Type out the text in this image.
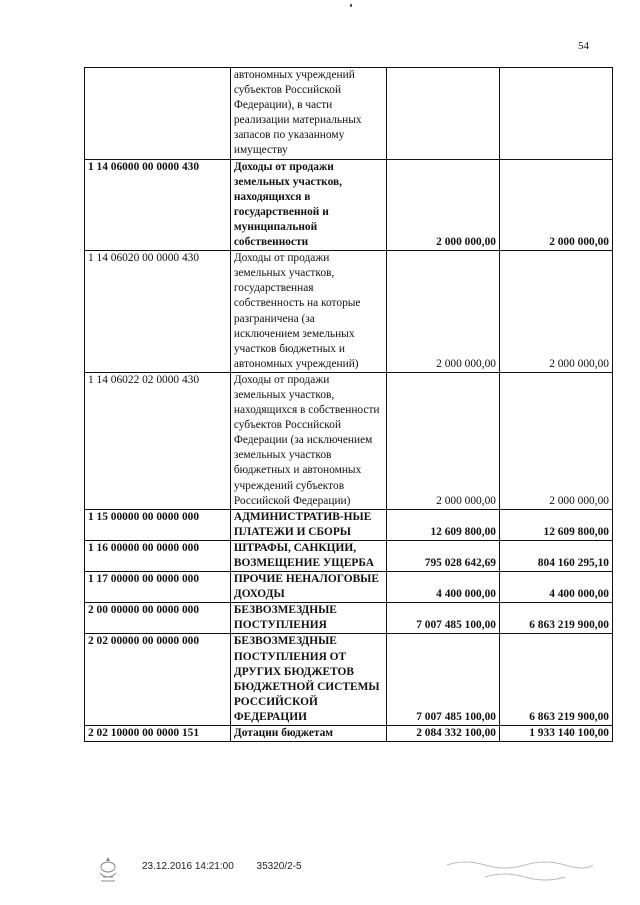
54
	автономных учреждений субъектов Российской Федерации), в части реализации материальных запасов по указанному имуществу		
1 14 06000 00 0000 430	Доходы от продажи земельных участков, находящихся в государственной и муниципальной собственности	2 000 000,00	2 000 000,00
1 14 06020 00 0000 430	Доходы от продажи земельных участков, государственная собственность на которые разграничена (за исключением земельных участков бюджетных и автономных учреждений)	2 000 000,00	2 000 000,00
1 14 06022 02 0000 430	Доходы от продажи земельных участков, находящихся в собственности субъектов Российской Федерации (за исключением земельных участков бюджетных и автономных учреждений субъектов Российской Федерации)	2 000 000,00	2 000 000,00
1 15 00000 00 0000 000	АДМИНИСТРАТИВ-НЫЕ ПЛАТЕЖИ И СБОРЫ	12 609 800,00	12 609 800,00
1 16 00000 00 0000 000	ШТРАФЫ, САНКЦИИ, ВОЗМЕЩЕНИЕ УЩЕРБА	795 028 642,69	804 160 295,10
1 17 00000 00 0000 000	ПРОЧИЕ НЕНАЛОГОВЫЕ ДОХОДЫ	4 400 000,00	4 400 000,00
2 00 00000 00 0000 000	БЕЗВОЗМЕЗДНЫЕ ПОСТУПЛЕНИЯ	7 007 485 100,00	6 863 219 900,00
2 02 00000 00 0000 000	БЕЗВОЗМЕЗДНЫЕ ПОСТУПЛЕНИЯ ОТ ДРУГИХ БЮДЖЕТОВ БЮДЖЕТНОЙ СИСТЕМЫ РОССИЙСКОЙ ФЕДЕРАЦИИ	7 007 485 100,00	6 863 219 900,00
2 02 10000 00 0000 151	Дотации бюджетам	2 084 332 100,00	1 933 140 100,00
23.12.2016 14:21:00 35320/2-5
